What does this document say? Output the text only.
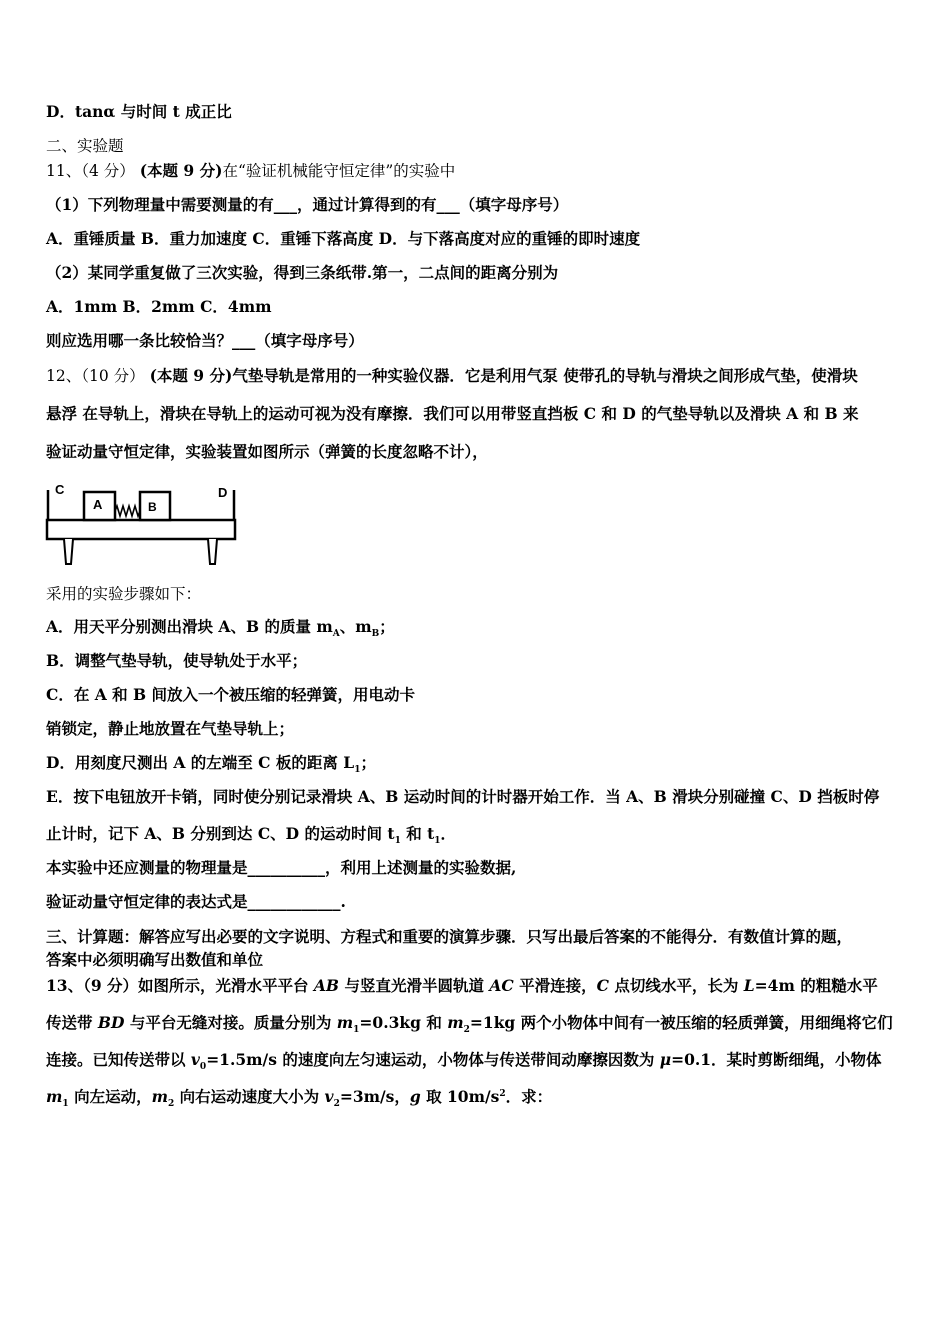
D．tanα 与时间 t 成正比
二、实验题
11、（4 分） (本题 9 分)在“验证机械能守恒定律”的实验中
（1）下列物理量中需要测量的有___，通过计算得到的有___（填字母序号）
A．重锤质量 B．重力加速度 C．重锤下落高度 D．与下落高度对应的重锤的即时速度
（2）某同学重复做了三次实验，得到三条纸带.第一，二点间的距离分别为
A．1mm B．2mm C．4mm
则应选用哪一条比较恰当？___（填字母序号）
12、（10 分） (本题 9 分)气垫导轨是常用的一种实验仪器．它是利用气泵 使带孔的导轨与滑块之间形成气垫，使滑块
悬浮 在导轨上，滑块在导轨上的运动可视为没有摩擦．我们可以用带竖直挡板 C 和 D 的气垫导轨以及滑块 A 和 B 来
验证动量守恒定律，实验装置如图所示（弹簧的长度忽略不计），
C	D
A	B
采用的实验步骤如下：
A．用天平分别测出滑块 A、B 的质量 $m_A$、$m_B$；
B．调整气垫导轨，使导轨处于水平；
C．在 A 和 B 间放入一个被压缩的轻弹簧，用电动卡
销锁定，静止地放置在气垫导轨上；
D．用刻度尺测出 A 的左端至 C 板的距离 $L_1$；
E．按下电钮放开卡销，同时使分别记录滑块 A、B 运动时间的计时器开始工作．当 A、B 滑块分别碰撞 C、D 挡板时停
止计时，记下 A、B 分别到达 C、D 的运动时间 $t_1$ 和 $t_1$．
本实验中还应测量的物理量是__________，利用上述测量的实验数据,
验证动量守恒定律的表达式是____________.
三、计算题：解答应写出必要的文字说明、方程式和重要的演算步骤．只写出最后答案的不能得分．有数值计算的题，
答案中必须明确写出数值和单位
13、（9 分）如图所示，光滑水平平台 AB 与竖直光滑半圆轨道 AC 平滑连接，C 点切线水平，长为 L=4m 的粗糙水平
传送带 BD 与平台无缝对接。质量分别为 $m_1=0.3kg$ 和 $m_2=1kg$ 两个小物体中间有一被压缩的轻质弹簧，用细绳将它们
连接。已知传送带以 $v_0=1.5m/s$ 的速度向左匀速运动，小物体与传送带间动摩擦因数为 μ=0.1．某时剪断细绳，小物体
$m_1$ 向左运动，$m_2$ 向右运动速度大小为 $v_2=3m/s$，g 取 $10m/s^2$．求：
